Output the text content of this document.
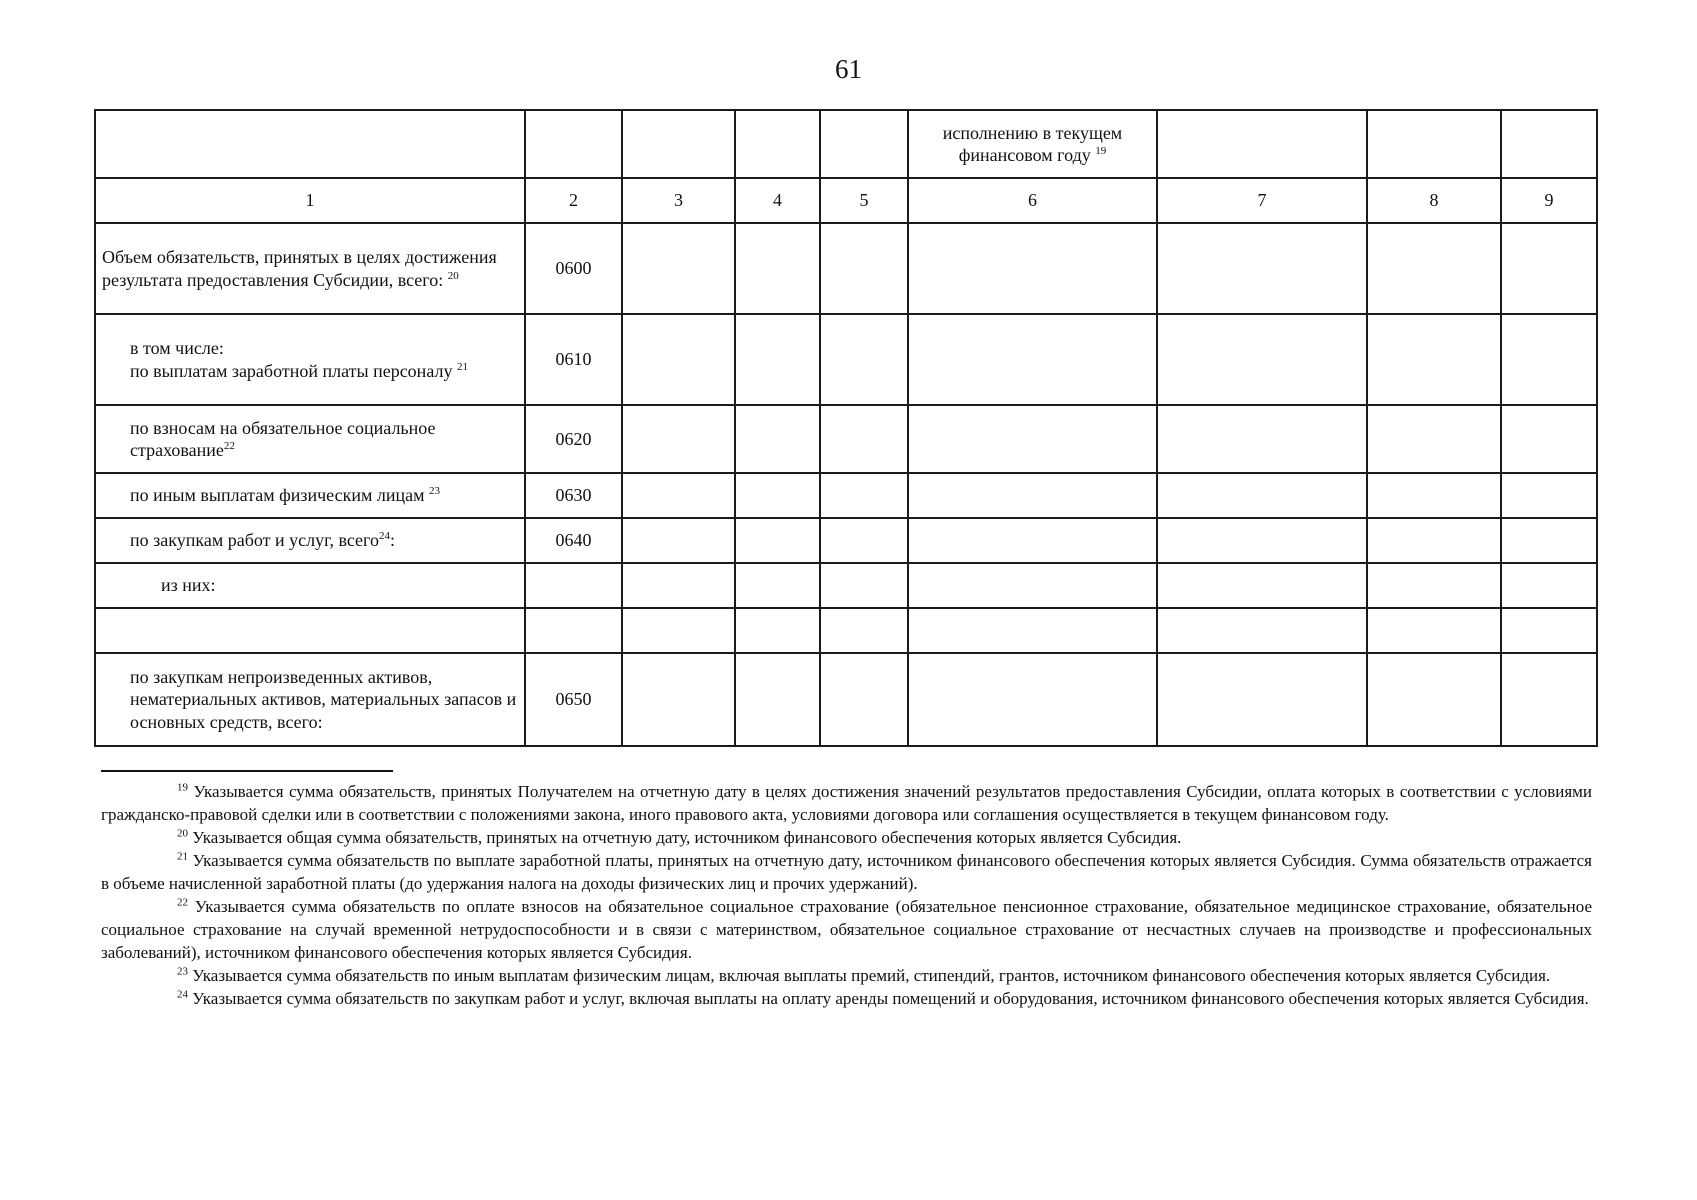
61
					исполнению в текущем финансовом году $^{19}$			
1	2	3	4	5	6	7	8	9
Объем обязательств, принятых в целях достижения результата предоставления Субсидии, всего: $^{20}$	0600							

в том числе:
по выплатам заработной платы персоналу $^{21}$	0610							
по взносам на обязательное социальное страхование$^{22}$	0620							
по иным выплатам физическим лицам $^{23}$	0630							
по закупкам работ и услуг, всего$^{24}$:	0640							
из них:								

по закупкам непроизведенных активов, нематериальных активов, материальных запасов и основных средств, всего:	0650							

$^{19}$ Указывается сумма обязательств, принятых Получателем на отчетную дату в целях достижения значений результатов предоставления Субсидии, оплата которых в соответствии с условиями гражданско-правовой сделки или в соответствии с положениями закона, иного правового акта, условиями договора или соглашения осуществляется в текущем финансовом году.

$^{20}$ Указывается общая сумма обязательств, принятых на отчетную дату, источником финансового обеспечения которых является Субсидия.

$^{21}$ Указывается сумма обязательств по выплате заработной платы, принятых на отчетную дату, источником финансового обеспечения которых является Субсидия. Сумма обязательств отражается в объеме начисленной заработной платы (до удержания налога на доходы физических лиц и прочих удержаний).

$^{22}$ Указывается сумма обязательств по оплате взносов на обязательное социальное страхование (обязательное пенсионное страхование, обязательное медицинское страхование, обязательное социальное страхование на случай временной нетрудоспособности и в связи с материнством, обязательное социальное страхование от несчастных случаев на производстве и профессиональных заболеваний), источником финансового обеспечения которых является Субсидия.

$^{23}$ Указывается сумма обязательств по иным выплатам физическим лицам, включая выплаты премий, стипендий, грантов, источником финансового обеспечения которых является Субсидия.

$^{24}$ Указывается сумма обязательств по закупкам работ и услуг, включая выплаты на оплату аренды помещений и оборудования, источником финансового обеспечения которых является Субсидия.
